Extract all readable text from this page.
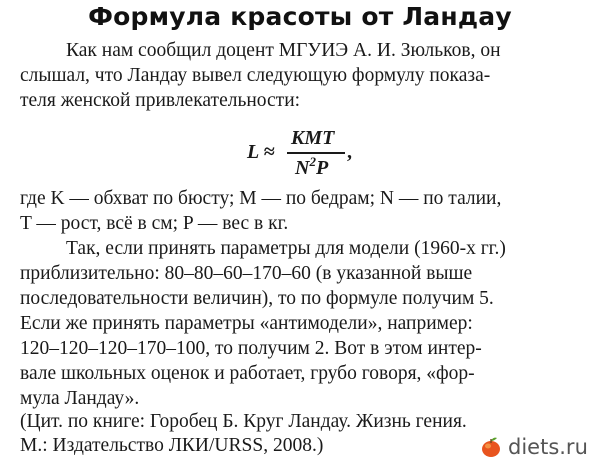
Формула красоты от Ландау
Как нам сообщил доцент МГУИЭ А. И. Зюльков, он
слышал, что Ландау вывел следующую формулу показа-
теля женской привлекательности:
L ≈
KMT
$N^2P$
,
где K — обхват по бюсту; M — по бедрам; N — по талии,
T — рост, всё в см; P — вес в кг.
Так, если принять параметры для модели (1960-х гг.)
приблизительно: 80–80–60–170–60 (в указанной выше
последовательности величин), то по формуле получим 5.
Если же принять параметры «антимодели», например:
120–120–120–170–100, то получим 2. Вот в этом интер-
вале школьных оценок и работает, грубо говоря, «фор-
мула Ландау».
(Цит. по книге: Горобец Б. Круг Ландау. Жизнь гения.
М.: Издательство ЛКИ/URSS, 2008.)	diets.ru
